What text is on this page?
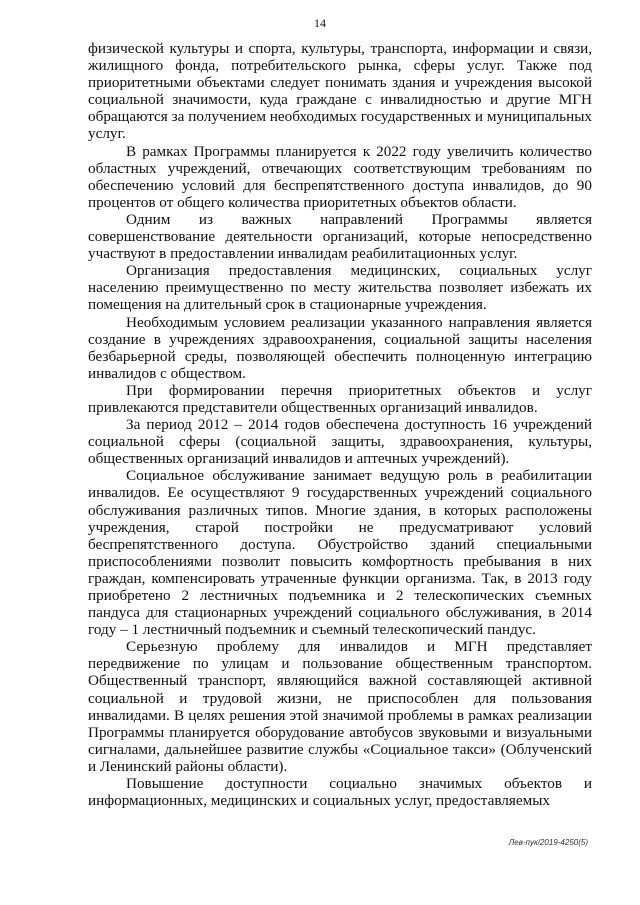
14

физической культуры и спорта, культуры, транспорта, информации и связи, жилищного фонда, потребительского рынка, сферы услуг. Также под приоритетными объектами следует понимать здания и учреждения высокой социальной значимости, куда граждане с инвалидностью и другие МГН обращаются за получением необходимых государственных и муниципальных услуг.

В рамках Программы планируется к 2022 году увеличить количество областных учреждений, отвечающих соответствующим требованиям по обеспечению условий для беспрепятственного доступа инвалидов, до 90 процентов от общего количества приоритетных объектов области.

Одним из важных направлений Программы является совершенствование деятельности организаций, которые непосредственно участвуют в предоставлении инвалидам реабилитационных услуг.

Организация предоставления медицинских, социальных услуг населению преимущественно по месту жительства позволяет избежать их помещения на длительный срок в стационарные учреждения.

Необходимым условием реализации указанного направления является создание в учреждениях здравоохранения, социальной защиты населения безбарьерной среды, позволяющей обеспечить полноценную интеграцию инвалидов с обществом.

При формировании перечня приоритетных объектов и услуг привлекаются представители общественных организаций инвалидов.

За период 2012 – 2014 годов обеспечена доступность 16 учреждений социальной сферы (социальной защиты, здравоохранения, культуры, общественных организаций инвалидов и аптечных учреждений).

Социальное обслуживание занимает ведущую роль в реабилитации инвалидов. Ее осуществляют 9 государственных учреждений социального обслуживания различных типов. Многие здания, в которых расположены учреждения, старой постройки не предусматривают условий беспрепятственного доступа. Обустройство зданий специальными приспособлениями позволит повысить комфортность пребывания в них граждан, компенсировать утраченные функции организма. Так, в 2013 году приобретено 2 лестничных подъемника и 2 телескопических съемных пандуса для стационарных учреждений социального обслуживания, в 2014 году – 1 лестничный подъемник и съемный телескопический пандус.

Серьезную проблему для инвалидов и МГН представляет передвижение по улицам и пользование общественным транспортом. Общественный транспорт, являющийся важной составляющей активной социальной и трудовой жизни, не приспособлен для пользования инвалидами. В целях решения этой значимой проблемы в рамках реализации Программы планируется оборудование автобусов звуковыми и визуальными сигналами, дальнейшее развитие службы «Социальное такси» (Облученский и Ленинский районы области).

Повышение доступности социально значимых объектов и информационных, медицинских и социальных услуг, предоставляемых

Лев-пук/2019-4250(5)
